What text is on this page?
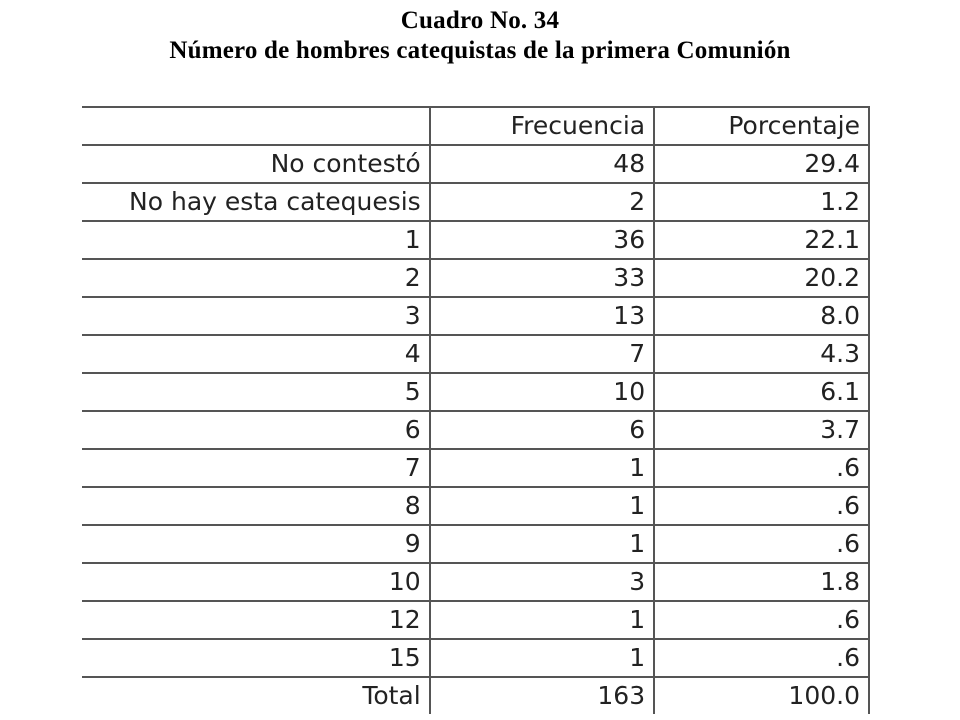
Cuadro No. 34
Número de hombres catequistas de la primera Comunión
	Frecuencia	Porcentaje
No contestó	48	29.4
No hay esta catequesis	2	1.2
1	36	22.1
2	33	20.2
3	13	8.0
4	7	4.3
5	10	6.1
6	6	3.7
7	1	.6
8	1	.6
9	1	.6
10	3	1.8
12	1	.6
15	1	.6
Total	163	100.0
